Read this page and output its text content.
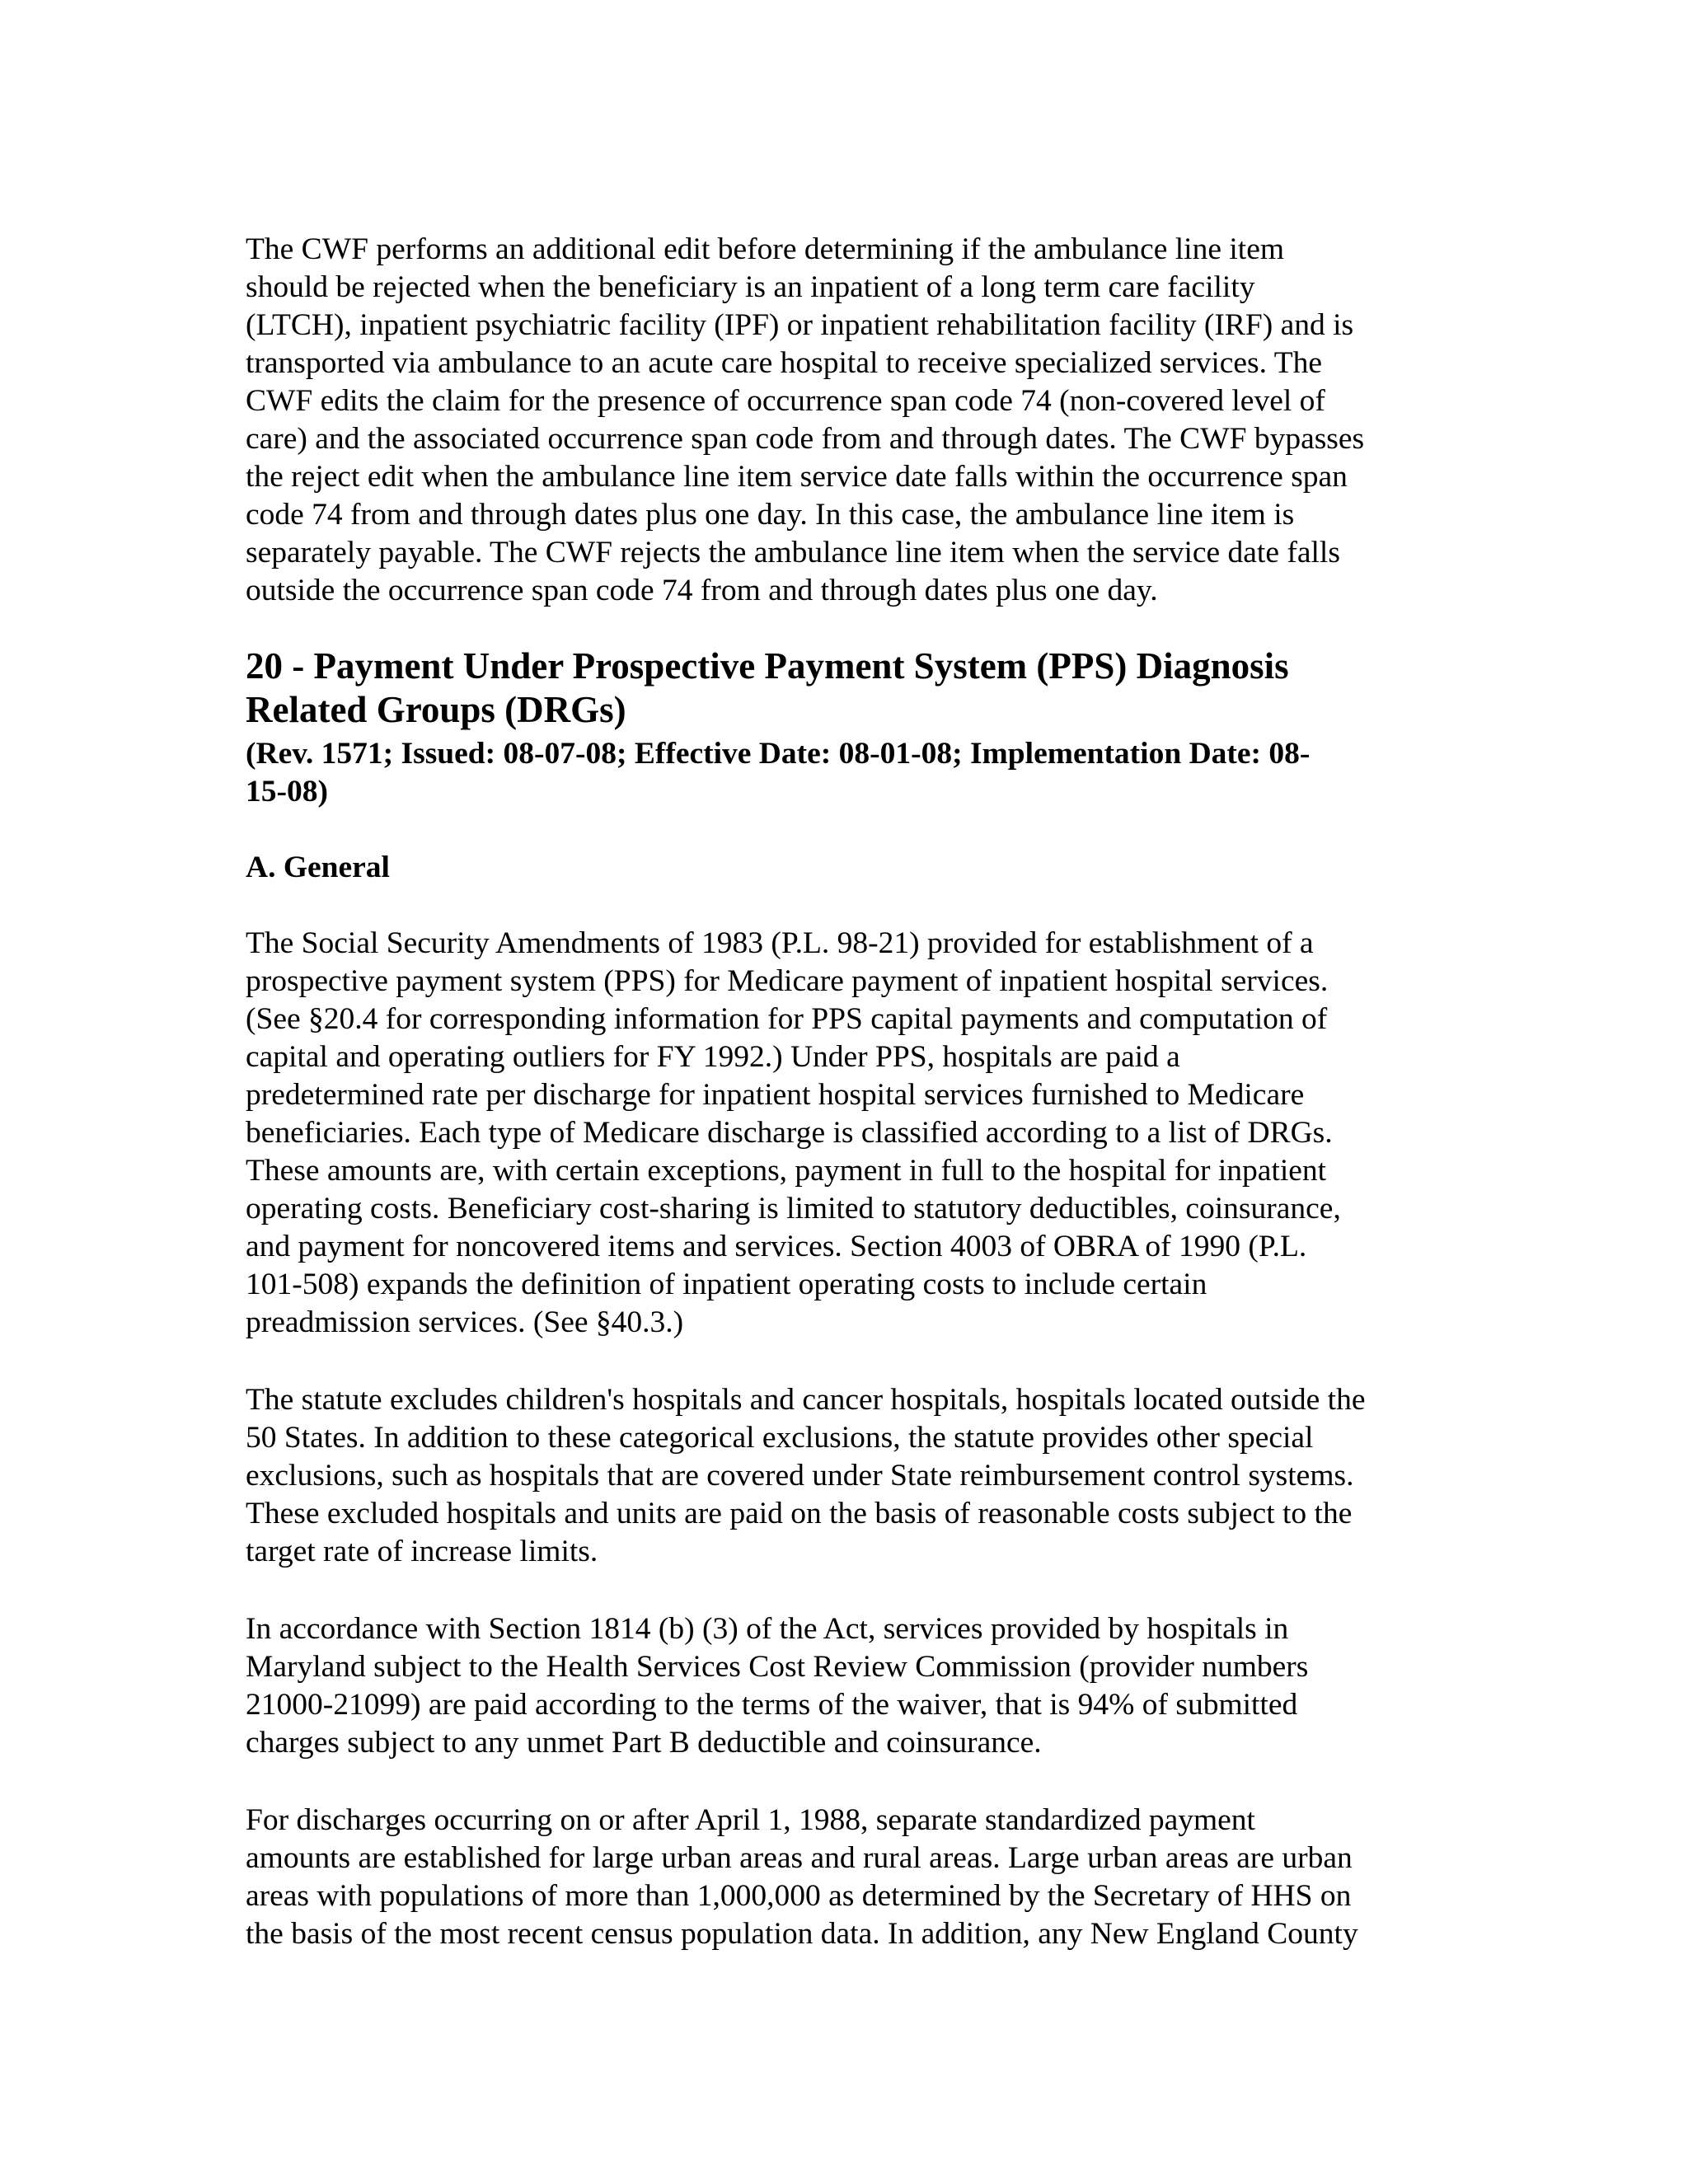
The CWF performs an additional edit before determining if the ambulance line item
should be rejected when the beneficiary is an inpatient of a long term care facility
(LTCH), inpatient psychiatric facility (IPF) or inpatient rehabilitation facility (IRF) and is
transported via ambulance to an acute care hospital to receive specialized services. The
CWF edits the claim for the presence of occurrence span code 74 (non-covered level of
care) and the associated occurrence span code from and through dates. The CWF bypasses
the reject edit when the ambulance line item service date falls within the occurrence span
code 74 from and through dates plus one day. In this case, the ambulance line item is
separately payable. The CWF rejects the ambulance line item when the service date falls
outside the occurrence span code 74 from and through dates plus one day.
20 - Payment Under Prospective Payment System (PPS) Diagnosis
Related Groups (DRGs)
(Rev. 1571; Issued: 08-07-08; Effective Date: 08-01-08; Implementation Date: 08-
15-08)
A. General
The Social Security Amendments of 1983 (P.L. 98-21) provided for establishment of a
prospective payment system (PPS) for Medicare payment of inpatient hospital services.
(See §20.4 for corresponding information for PPS capital payments and computation of
capital and operating outliers for FY 1992.) Under PPS, hospitals are paid a
predetermined rate per discharge for inpatient hospital services furnished to Medicare
beneficiaries. Each type of Medicare discharge is classified according to a list of DRGs.
These amounts are, with certain exceptions, payment in full to the hospital for inpatient
operating costs. Beneficiary cost-sharing is limited to statutory deductibles, coinsurance,
and payment for noncovered items and services. Section 4003 of OBRA of 1990 (P.L.
101-508) expands the definition of inpatient operating costs to include certain
preadmission services. (See §40.3.)
The statute excludes children's hospitals and cancer hospitals, hospitals located outside the
50 States. In addition to these categorical exclusions, the statute provides other special
exclusions, such as hospitals that are covered under State reimbursement control systems.
These excluded hospitals and units are paid on the basis of reasonable costs subject to the
target rate of increase limits.
In accordance with Section 1814 (b) (3) of the Act, services provided by hospitals in
Maryland subject to the Health Services Cost Review Commission (provider numbers
21000-21099) are paid according to the terms of the waiver, that is 94% of submitted
charges subject to any unmet Part B deductible and coinsurance.
For discharges occurring on or after April 1, 1988, separate standardized payment
amounts are established for large urban areas and rural areas. Large urban areas are urban
areas with populations of more than 1,000,000 as determined by the Secretary of HHS on
the basis of the most recent census population data. In addition, any New England County
